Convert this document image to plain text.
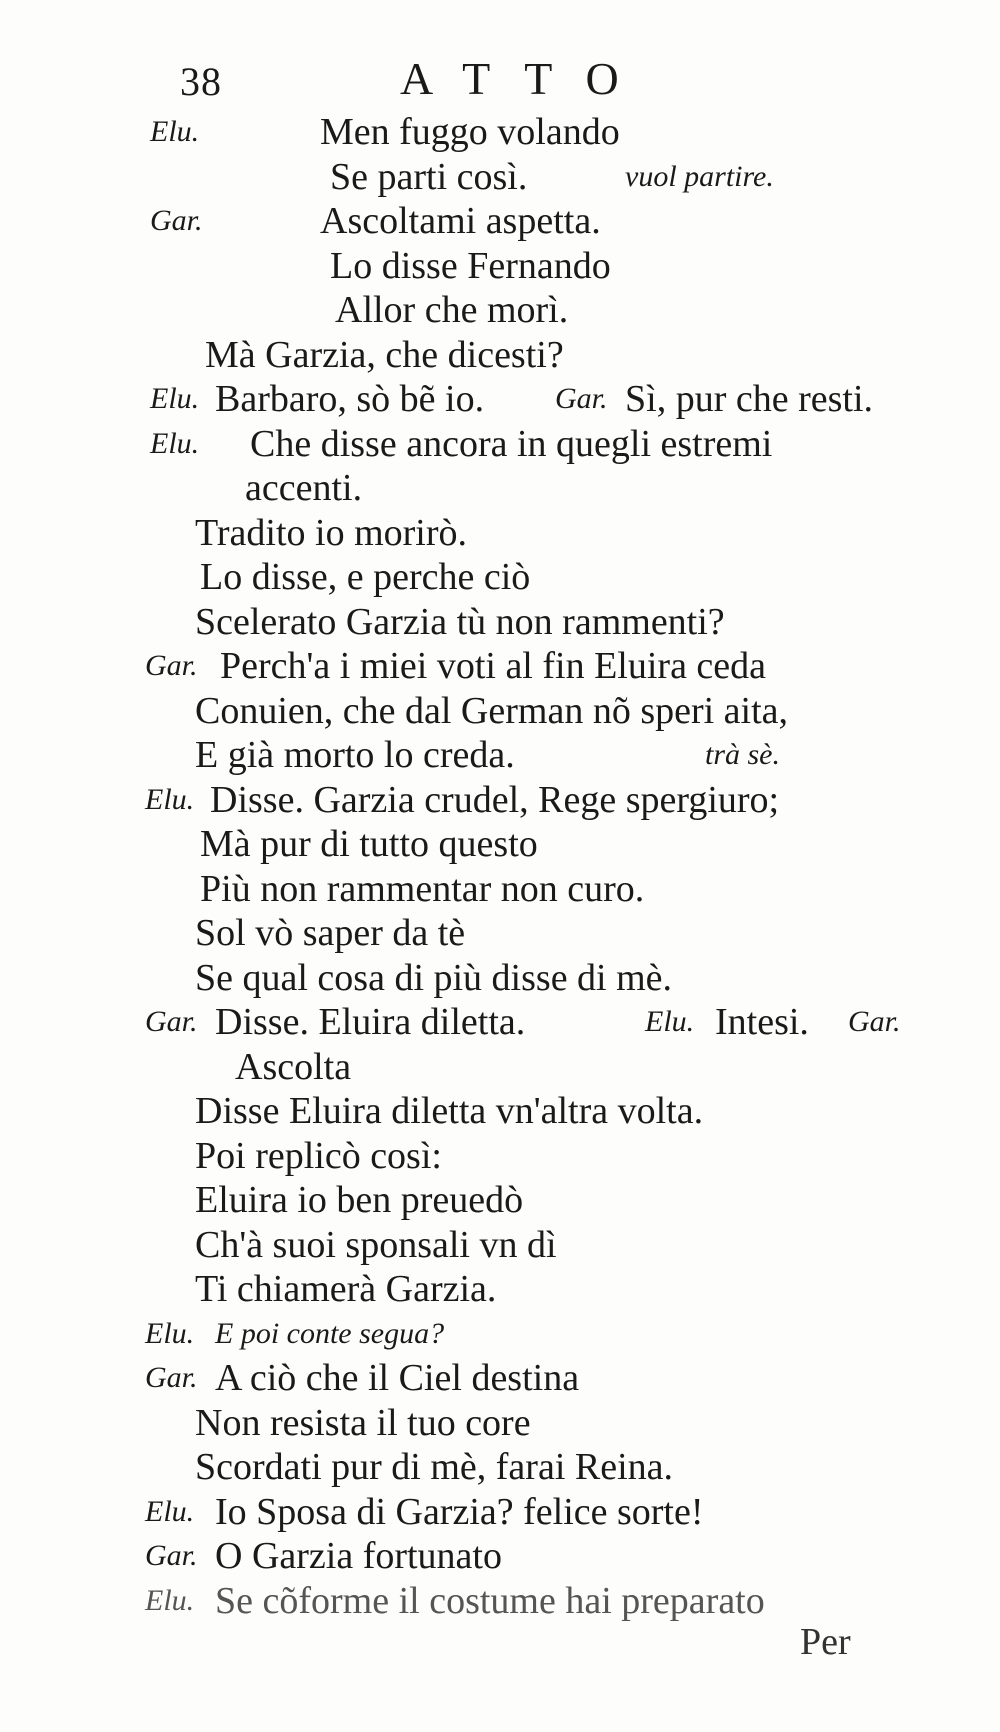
38	ATTO
Elu.	Men fuggo volando
Se parti così.	vuol partire.
Gar.	Ascoltami aspetta.
Lo disse Fernando
Allor che morì.
Mà Garzia, che dicesti?
Elu. Barbaro, sò bẽ io. Gar. Sì, pur che resti.
Elu. Che disse ancora in quegli estremi
accenti.
Tradito io morirò.
Lo disse, e perche ciò
Scelerato Garzia tù non rammenti?
Gar. Perch'a i miei voti al fin Eluira ceda
Conuien, che dal German nõ speri aita,
E già morto lo creda.	trà sè.
Elu. Disse. Garzia crudel, Rege spergiuro;
Mà pur di tutto questo
Più non rammentar non curo.
Sol vò saper da tè
Se qual cosa di più disse di mè.
Gar. Disse. Eluira diletta.	Elu. Intesi. Gar.
Ascolta
Disse Eluira diletta vn'altra volta.
Poi replicò così:
Eluira io ben preuedò
Ch'à suoi sponsali vn dì
Ti chiamerà Garzia.
Elu. E poi conte segua?
Gar. A ciò che il Ciel destina
Non resista il tuo core
Scordati pur di mè, farai Reina.
Elu. Io Sposa di Garzia? felice sorte!
Gar. O Garzia fortunato
Elu. Se cõforme il costume hai preparato
Per
